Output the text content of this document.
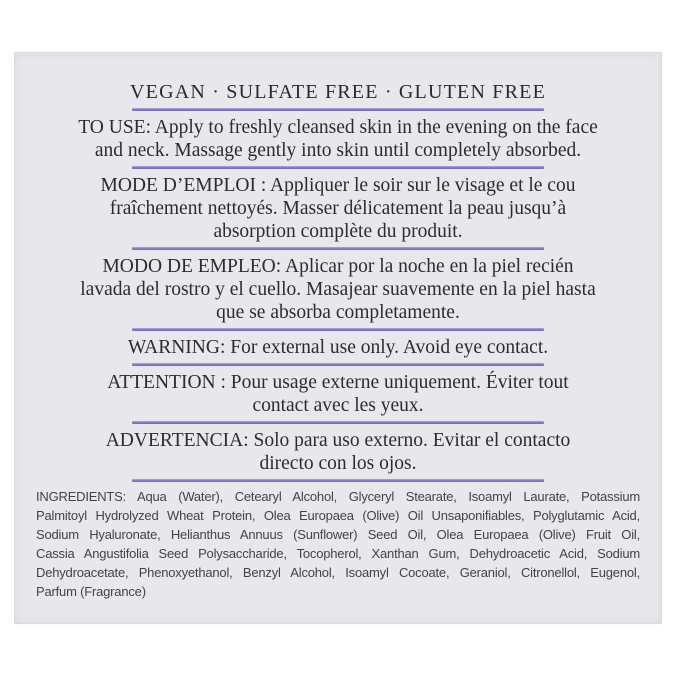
VEGAN · SULFATE FREE · GLUTEN FREE
TO USE: Apply to freshly cleansed skin in the evening on the face
and neck. Massage gently into skin until completely absorbed.
MODE D’EMPLOI : Appliquer le soir sur le visage et le cou
fraîchement nettoyés. Masser délicatement la peau jusqu’à
absorption complète du produit.
MODO DE EMPLEO: Aplicar por la noche en la piel recién
lavada del rostro y el cuello. Masajear suavemente en la piel hasta
que se absorba completamente.
WARNING: For external use only. Avoid eye contact.
ATTENTION : Pour usage externe uniquement. Éviter tout
contact avec les yeux.
ADVERTENCIA: Solo para uso externo. Evitar el contacto
directo con los ojos.
INGREDIENTS: Aqua (Water), Cetearyl Alcohol, Glyceryl Stearate, Isoamyl Laurate, Potassium
Palmitoyl Hydrolyzed Wheat Protein, Olea Europaea (Olive) Oil Unsaponifiables, Polyglutamic Acid,
Sodium Hyaluronate, Helianthus Annuus (Sunflower) Seed Oil, Olea Europaea (Olive) Fruit Oil,
Cassia Angustifolia Seed Polysaccharide, Tocopherol, Xanthan Gum, Dehydroacetic Acid, Sodium
Dehydroacetate, Phenoxyethanol, Benzyl Alcohol, Isoamyl Cocoate, Geraniol, Citronellol, Eugenol,
Parfum (Fragrance)
